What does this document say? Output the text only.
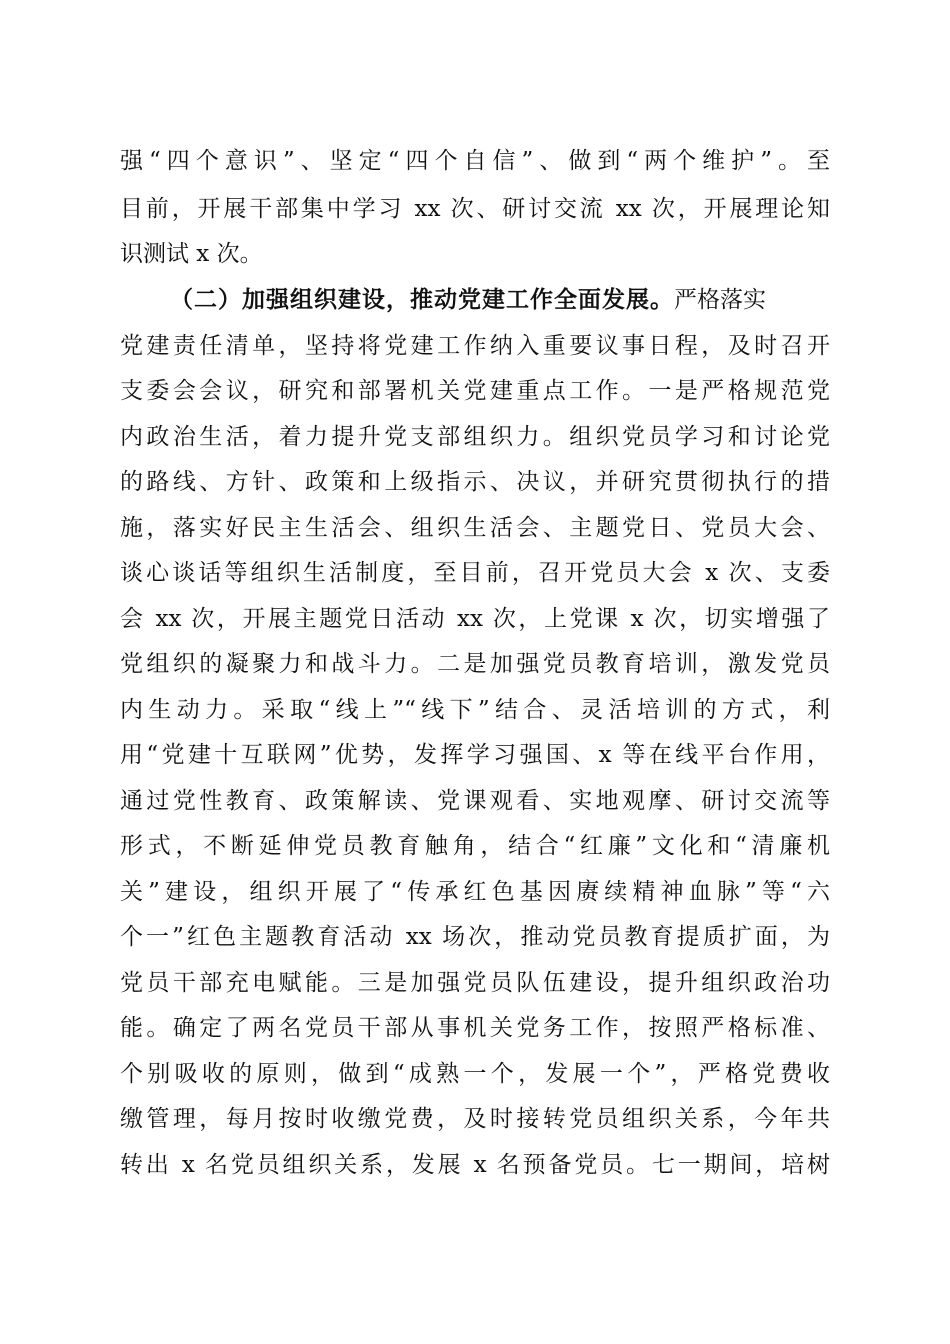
强“四个意识”、坚定“四个自信”、做到“两个维护”。至
目前，开展干部集中学习 xx 次、研讨交流 xx 次，开展理论知
识测试 x 次。
（二）加强组织建设，推动党建工作全面发展。严格落实
党建责任清单，坚持将党建工作纳入重要议事日程，及时召开
支委会会议，研究和部署机关党建重点工作。一是严格规范党
内政治生活，着力提升党支部组织力。组织党员学习和讨论党
的路线、方针、政策和上级指示、决议，并研究贯彻执行的措
施，落实好民主生活会、组织生活会、主题党日、党员大会、
谈心谈话等组织生活制度，至目前，召开党员大会 x 次、支委
会 xx 次，开展主题党日活动 xx 次，上党课 x 次，切实增强了
党组织的凝聚力和战斗力。二是加强党员教育培训，激发党员
内生动力。采取“线上”“线下”结合、灵活培训的方式，利
用“党建十互联网”优势，发挥学习强国、x 等在线平台作用，
通过党性教育、政策解读、党课观看、实地观摩、研讨交流等
形式，不断延伸党员教育触角，结合“红廉”文化和“清廉机
关”建设，组织开展了“传承红色基因赓续精神血脉”等“六
个一”红色主题教育活动 xx 场次，推动党员教育提质扩面，为
党员干部充电赋能。三是加强党员队伍建设，提升组织政治功
能。确定了两名党员干部从事机关党务工作，按照严格标准、
个别吸收的原则，做到“成熟一个，发展一个”，严格党费收
缴管理，每月按时收缴党费，及时接转党员组织关系，今年共
转出 x 名党员组织关系，发展 x 名预备党员。七一期间，培树
